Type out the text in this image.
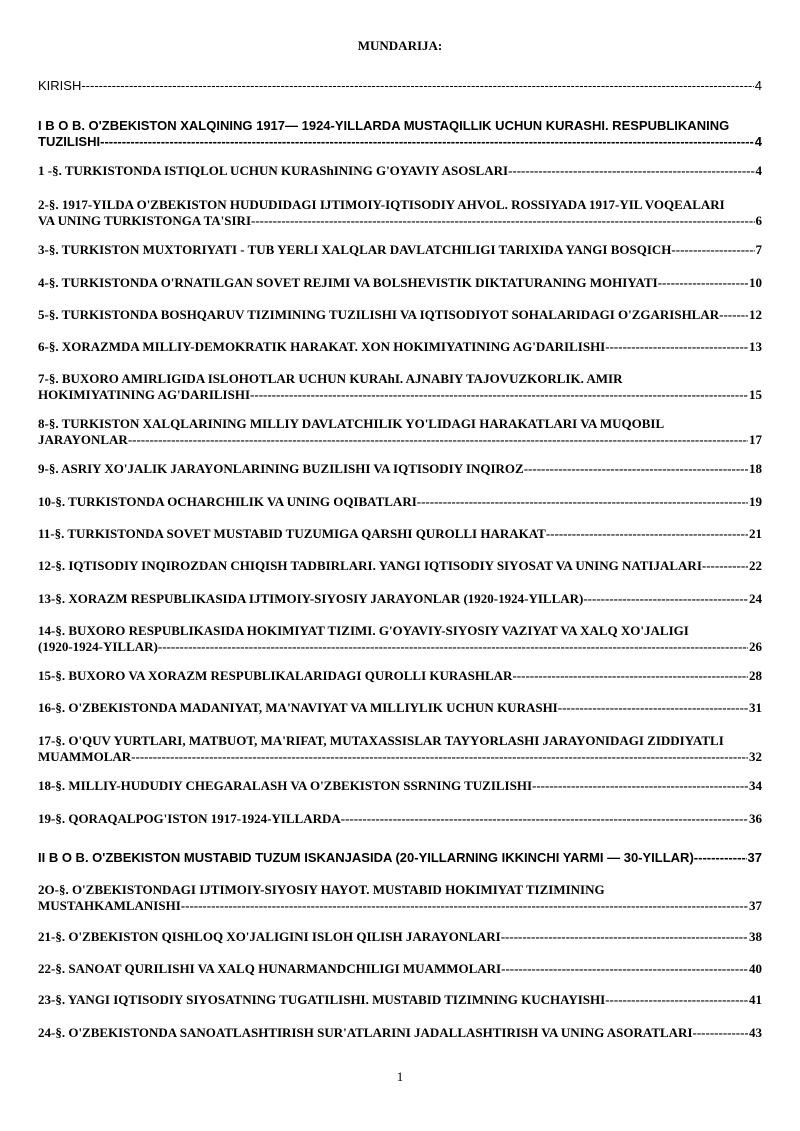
MUNDARIJA:
KIRISH -----	4
I B O B. O'ZBEKISTON XALQINING 1917— 1924-YILLARDA MUSTAQILLIK UCHUN KURASHI. RESPUBLIKANING
TUZILISHI -----	4
1 -§. TURKISTONDA ISTIQLOL UCHUN KURAShINING G'OYAVIY ASOSLARI -----	4
2-§. 1917-YILDA O'ZBEKISTON HUDUDIDAGI IJTIMOIY-IQTISODIY AHVOL. ROSSIYADA 1917-YIL VOQEALARI
VA UNING TURKISTONGA TA'SIRI -----	6
3-§. TURKISTON MUXTORIYATI - TUB YERLI XALQLAR DAVLATCHILIGI TARIXIDA YANGI BOSQICH -----	7
4-§. TURKISTONDA O'RNATILGAN SOVET REJIMI VA BOLSHEVISTIK DIKTATURANING MOHIYATI -----	10
5-§. TURKISTONDA BOSHQARUV TIZIMINING TUZILISHI VA IQTISODIYOT SOHALARIDAGI O'ZGARISHLAR ----- 12
6-§. XORAZMDA MILLIY-DEMOKRATIK HARAKAT. XON HOKIMIYATINING AG'DARILISHI -----	13
7-§. BUXORO AMIRLIGIDA ISLOHOTLAR UCHUN KURAhI. AJNABIY TAJOVUZKORLIK. AMIR
HOKIMIYATINING AG'DARILISHI -----	15
8-§. TURKISTON XALQLARINING MILLIY DAVLATCHILIK YO'LIDAGI HARAKATLARI VA MUQOBIL
JARAYONLAR -----	17
9-§. ASRIY XO'JALIK JARAYONLARINING BUZILISHI VA IQTISODIY INQIROZ -----	18
10-§. TURKISTONDA OCHARCHILIK VA UNING OQIBATLARI -----	19
11-§. TURKISTONDA SOVET MUSTABID TUZUMIGA QARSHI QUROLLI HARAKAT -----	21
12-§. IQTISODIY INQIROZDAN CHIQISH TADBIRLARI. YANGI IQTISODIY SIYOSAT VA UNING NATIJALARI -----	22
13-§. XORAZM RESPUBLIKASIDA IJTIMOIY-SIYOSIY JARAYONLAR (1920-1924-YILLAR) -----	24
14-§. BUXORO RESPUBLIKASIDA HOKIMIYAT TIZIMI. G'OYAVIY-SIYOSIY VAZIYAT VA XALQ XO'JALIGI
(1920-1924-YILLAR) -----	26
15-§. BUXORO VA XORAZM RESPUBLIKALARIDAGI QUROLLI KURASHLAR -----	28
16-§. O'ZBEKISTONDA MADANIYAT, MA'NAVIYAT VA MILLIYLIK UCHUN KURASHI -----	31
17-§. O'QUV YURTLARI, MATBUOT, MA'RIFAT, MUTAXASSISLAR TAYYORLASHI JARAYONIDAGI ZIDDIYATLI
MUAMMOLAR -----	32
18-§. MILLIY-HUDUDIY CHEGARALASH VA O'ZBEKISTON SSRNING TUZILISHI -----	34
19-§. QORAQALPOG'ISTON 1917-1924-YILLARDA -----	36
II B O B. O'ZBEKISTON MUSTABID TUZUM ISKANJASIDA (20-YILLARNING IKKINCHI YARMI — 30-YILLAR) -----	37
2O-§. O'ZBEKISTONDAGI IJTIMOIY-SIYOSIY HAYOT. MUSTABID HOKIMIYAT TIZIMINING
MUSTAHKAMLANISHI -----	37
21-§. O'ZBEKISTON QISHLOQ XO'JALIGINI ISLOH QILISH JARAYONLARI -----	38
22-§. SANOAT QURILISHI VA XALQ HUNARMANDCHILIGI MUAMMOLARI -----	40
23-§. YANGI IQTISODIY SIYOSATNING TUGATILISHI. MUSTABID TIZIMNING KUCHAYISHI -----	41
24-§. O'ZBEKISTONDA SANOATLASHTIRISH SUR'ATLARINI JADALLASHTIRISH VA UNING ASORATLARI -----	43
1
